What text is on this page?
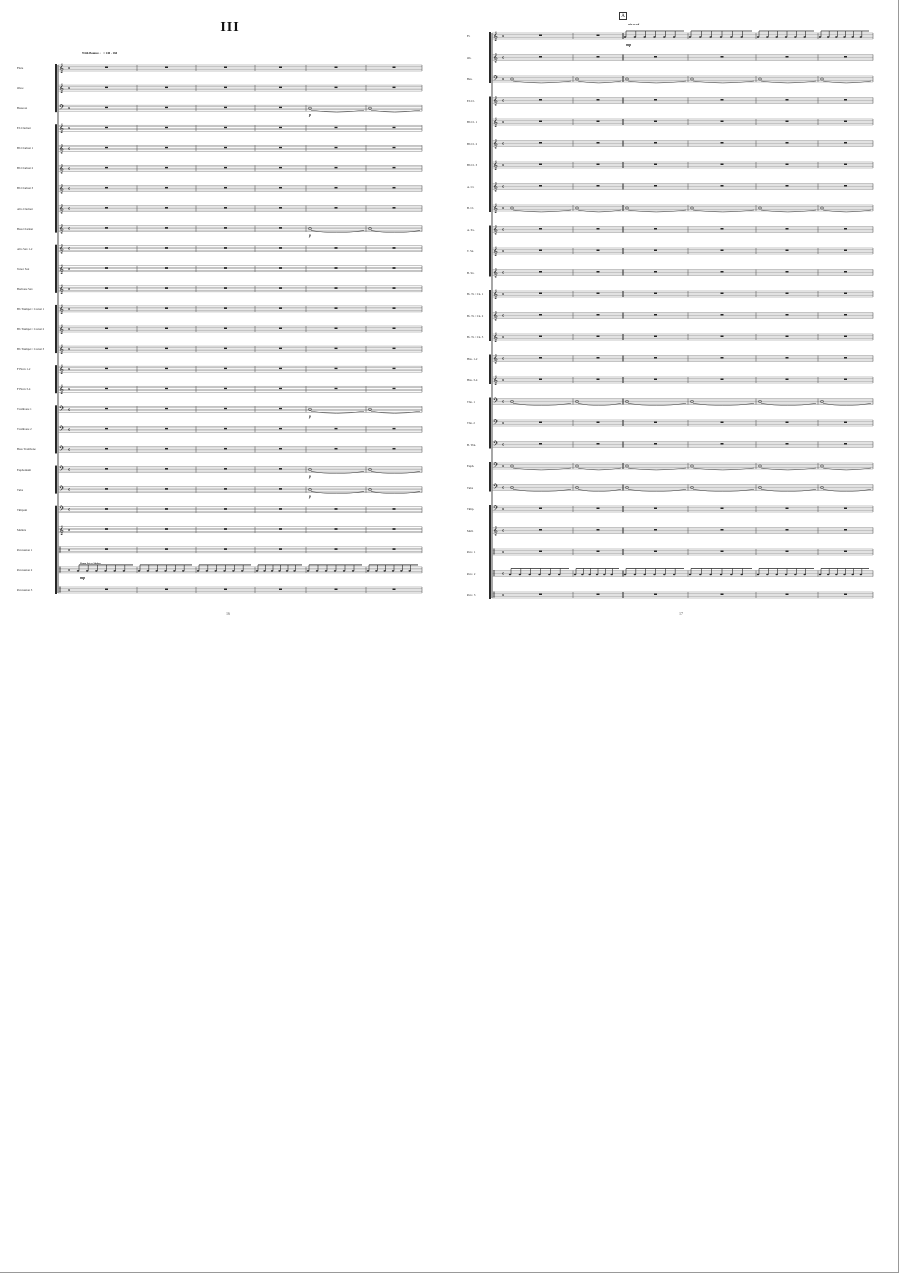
III
With Bounce ♩ = 140 - 160
A
16	17
Flute
Oboe
Bassoon
Eb Clarinet
Bb Clarinet 1
Bb Clarinet 2
Bb Clarinet 3
Alto Clarinet
Bass Clarinet
Alto Sax 1-2
Tenor Sax
Baritone Sax
Bb Trumpet / Cornet 1
Bb Trumpet / Cornet 2
Bb Trumpet / Cornet 3
F Horn 1-2
F Horn 3-4
Trombone 1
Trombone 2
Bass Trombone
Euphonium
Tuba
Timpani
Mallets
Percussion 1
Percussion 2
Percussion 3
Fl.
Ob.
Bsn.
Eb Cl.
Bb Cl. 1
Bb Cl. 2
Bb Cl. 3
A. Cl.
B. Cl.
A. Sx.
T. Sx.
B. Sx.
B♭ Tr. / Cn. 1
B♭ Tr. / Cn. 2
B♭ Tr. / Cn. 3
Hns. 1-2
Hns. 3-4
Tbn. 1
Tbn. 2
B. Tbn.
Euph.
Tuba
Timp.
Mall.
Perc. 1
Perc. 2
Perc. 3
𝄞 𝄴
𝄞 𝄴
𝄢 𝄴
𝄞 𝄴
𝄞 𝄴
𝄞 𝄴
𝄞 𝄴
𝄞 𝄴
𝄞 𝄴
𝄞 𝄴
𝄞 𝄴
𝄞 𝄴
𝄞 𝄴
𝄞 𝄴
𝄞 𝄴
𝄞 𝄴
𝄞 𝄴
𝄢 𝄴
𝄢 𝄴
𝄢 𝄴
𝄢 𝄴
𝄢 𝄴
𝄢 𝄴
𝄞 𝄴
‖ 𝄴
‖ 𝄴
‖ 𝄴
𝄞 𝄴
𝄞 𝄴
𝄢 𝄴
𝄞 𝄴
𝄞 𝄴
𝄞 𝄴
𝄞 𝄴
𝄞 𝄴
𝄞 𝄴
𝄞 𝄴
𝄞 𝄴
𝄞 𝄴
𝄞 𝄴
𝄞 𝄴
𝄞 𝄴
𝄞 𝄴
𝄞 𝄴
𝄢 𝄴
𝄢 𝄴
𝄢 𝄴
𝄢 𝄴
𝄢 𝄴
𝄢 𝄴
𝄞 𝄴
‖ 𝄴
‖ 𝄴
‖ 𝄴
p
p
p
p
p
mp
Drum Set or Shaker
mp
solo or soli
